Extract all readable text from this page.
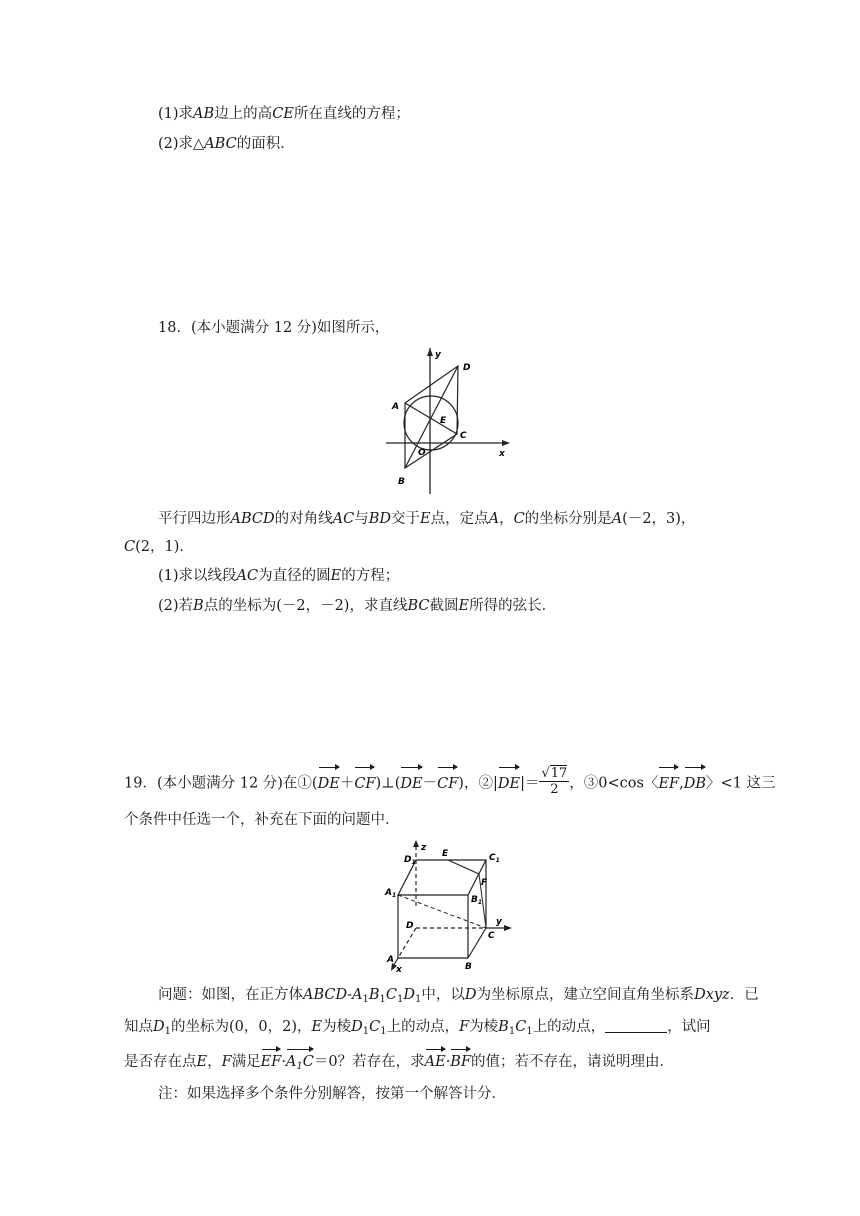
(1)求AB边上的高CE所在直线的方程；
(2)求△ABC的面积．
18．(本小题满分 12 分)如图所示，
y
x
D
A
E
C
O
B
平行四边形ABCD的对角线AC与BD交于E点，定点A，C的坐标分别是A(－2，3)，
C(2，1)．
(1)求以线段AC为直径的圆E的方程；
(2)若B点的坐标为(－2，－2)，求直线BC截圆E所得的弦长．
19．(本小题满分 12 分)在①(DE＋CF)⊥(DE－CF)，②|DE|＝ $\frac{√17}{2}$ ，③0<cos〈EF,DB〉<1 这三
个条件中任选一个，补充在下面的问题中．
z
$D_1$
E	$C_1$
F
$A_1$	$B_1$
y
D
C
A
B
x
问题：如图，在正方体ABCD-$A_1B_1C_1D_1$中，以D为坐标原点，建立空间直角坐标系Dxyz．已
知点$D_1$的坐标为(0，0，2)，E为棱$D_1C_1$上的动点，F为棱$B_1C_1$上的动点，	，试问
是否存在点E，F满足$EF\cdot A_1C=0$？若存在，求AE·BF的值；若不存在，请说明理由．
注：如果选择多个条件分别解答，按第一个解答计分．
